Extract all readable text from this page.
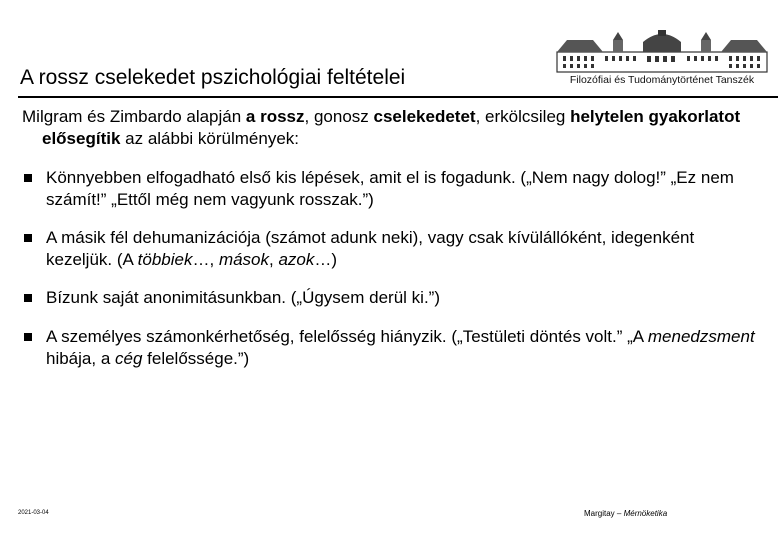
A rossz cselekedet pszichológiai feltételei	Filozófiai és Tudománytörténet Tanszék
Milgram és Zimbardo alapján a rossz, gonosz cselekedetet, erkölcsileg helytelen gyakorlatot elősegítik az alábbi körülmények:
Könnyebben elfogadható első kis lépések, amit el is fogadunk. („Nem nagy dolog!” „Ez nem számít!” „Ettől még nem vagyunk rosszak.”)
A másik fél dehumanizációja (számot adunk neki), vagy csak kívülállóként, idegenként kezeljük. (A többiek…, mások, azok…)
Bízunk saját anonimitásunkban. („Úgysem derül ki.”)
A személyes számonkérhetőség, felelősség hiányzik. („Testületi döntés volt.” „A menedzsment hibája, a cég felelőssége.”)
2021-03-04	Margitay – Mérnöketika
